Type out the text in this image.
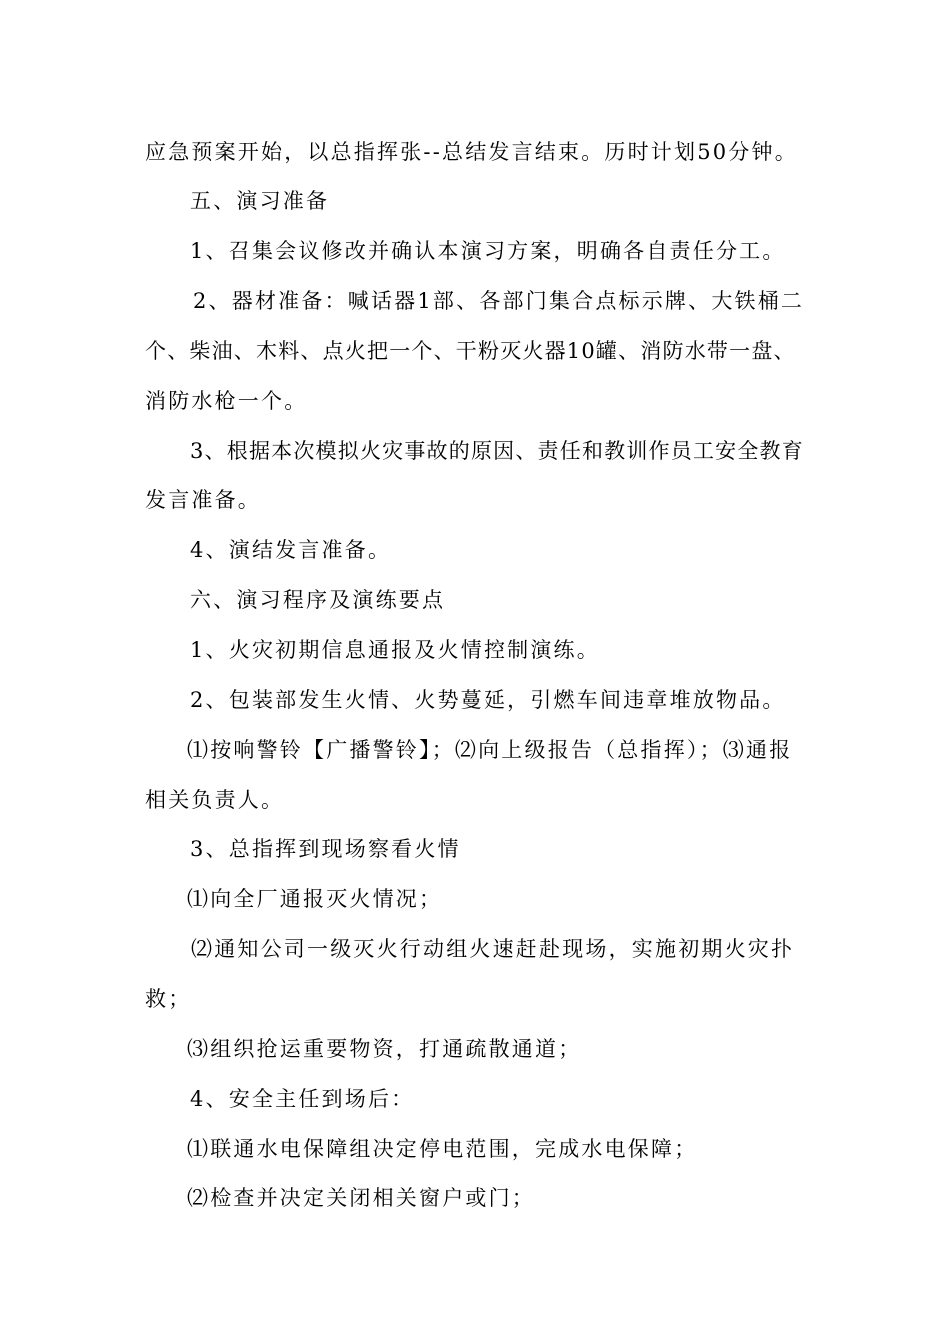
应急预案开始，以总指挥张--总结发言结束。历时计划50分钟。
五、演习准备
1、召集会议修改并确认本演习方案，明确各自责任分工。
2、器材准备：喊话器1部、各部门集合点标示牌、大铁桶二
个、柴油、木料、点火把一个、干粉灭火器10罐、消防水带一盘、
消防水枪一个。
3、根据本次模拟火灾事故的原因、责任和教训作员工安全教育
发言准备。
4、演结发言准备。
六、演习程序及演练要点
1、火灾初期信息通报及火情控制演练。
2、包装部发生火情、火势蔓延，引燃车间违章堆放物品。
⑴按响警铃【广播警铃】；⑵向上级报告（总指挥）；⑶通报
相关负责人。
3、总指挥到现场察看火情
⑴向全厂通报灭火情况；
⑵通知公司一级灭火行动组火速赶赴现场，实施初期火灾扑
救；
⑶组织抢运重要物资，打通疏散通道；
4、安全主任到场后：
⑴联通水电保障组决定停电范围，完成水电保障；
⑵检查并决定关闭相关窗户或门；
